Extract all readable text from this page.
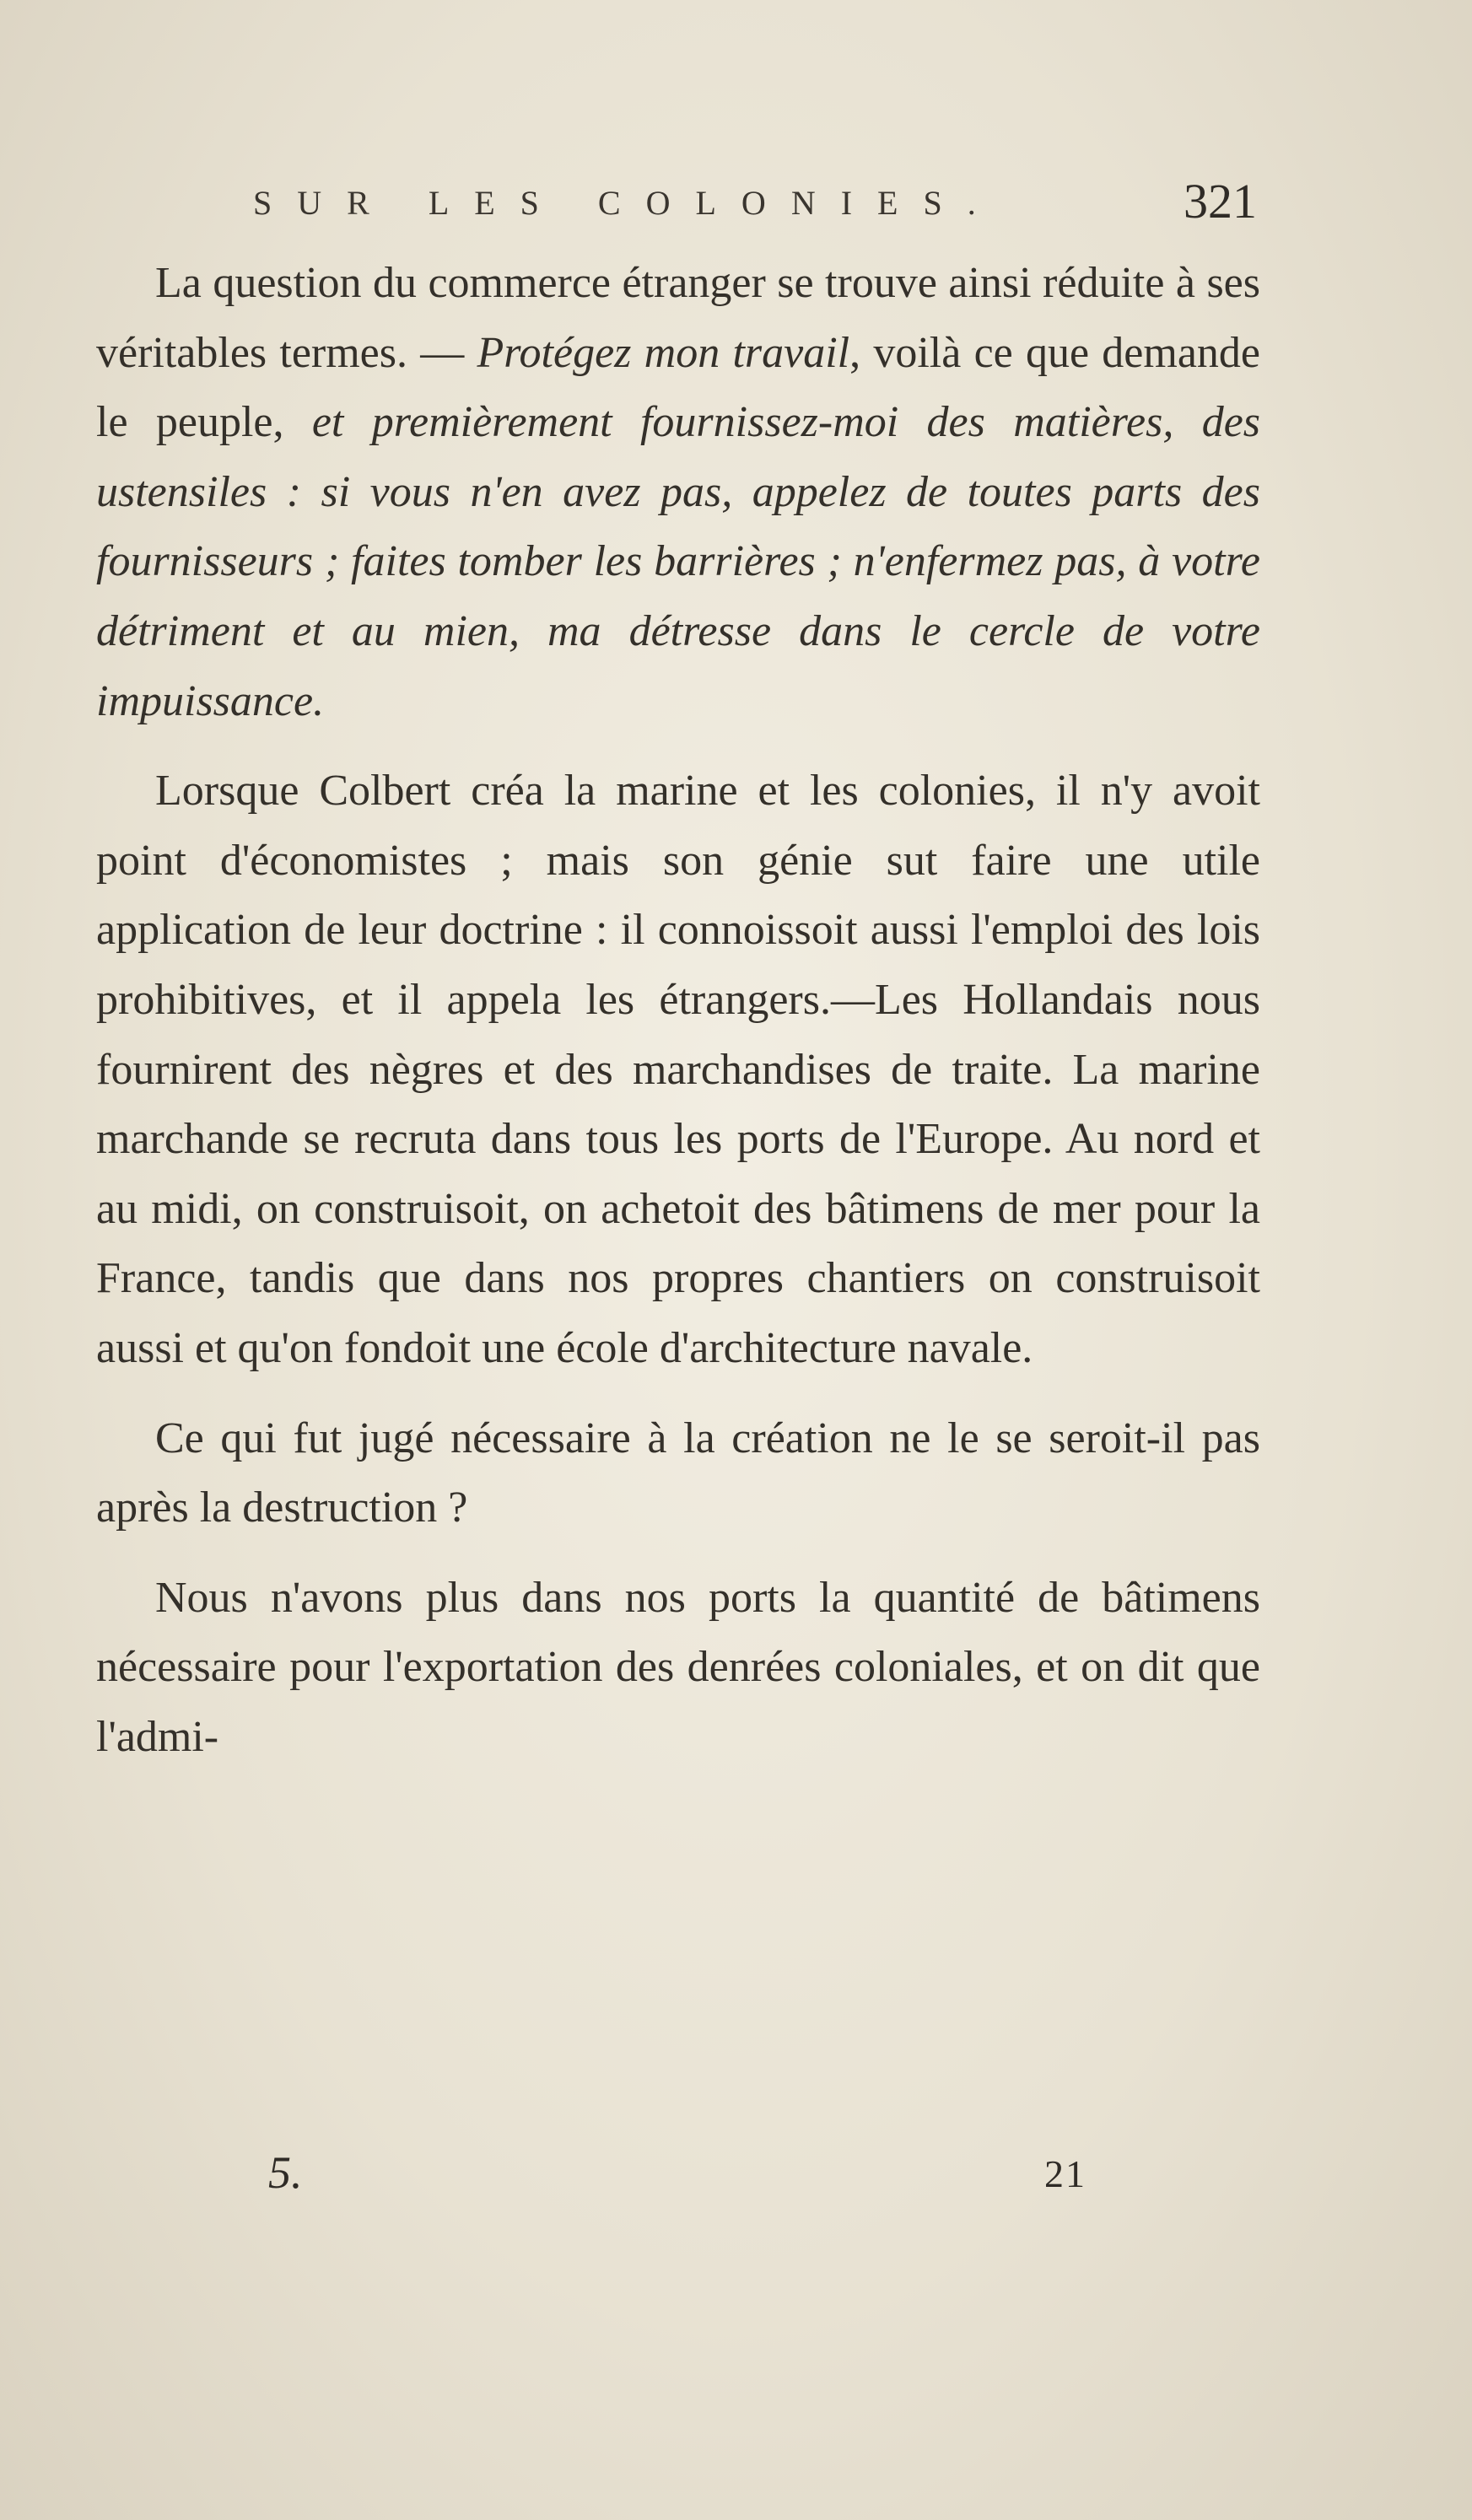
SUR LES COLONIES.	321

La question du commerce étranger se trouve ainsi réduite à ses véritables termes. — Protégez mon travail, voilà ce que demande le peuple, et premièrement fournissez-moi des matières, des ustensiles : si vous n'en avez pas, appelez de toutes parts des fournisseurs ; faites tomber les barrières ; n'enfermez pas, à votre détriment et au mien, ma détresse dans le cercle de votre impuissance.

Lorsque Colbert créa la marine et les colonies, il n'y avoit point d'économistes ; mais son génie sut faire une utile application de leur doctrine : il connoissoit aussi l'emploi des lois prohibitives, et il appela les étrangers.—Les Hollandais nous fournirent des nègres et des marchandises de traite. La marine marchande se recruta dans tous les ports de l'Europe. Au nord et au midi, on construisoit, on achetoit des bâtimens de mer pour la France, tandis que dans nos propres chantiers on construisoit aussi et qu'on fondoit une école d'architecture navale.

Ce qui fut jugé nécessaire à la création ne le se seroit-il pas après la destruction ?

Nous n'avons plus dans nos ports la quantité de bâtimens nécessaire pour l'exportation des denrées coloniales, et on dit que l'admi-

5.	21
